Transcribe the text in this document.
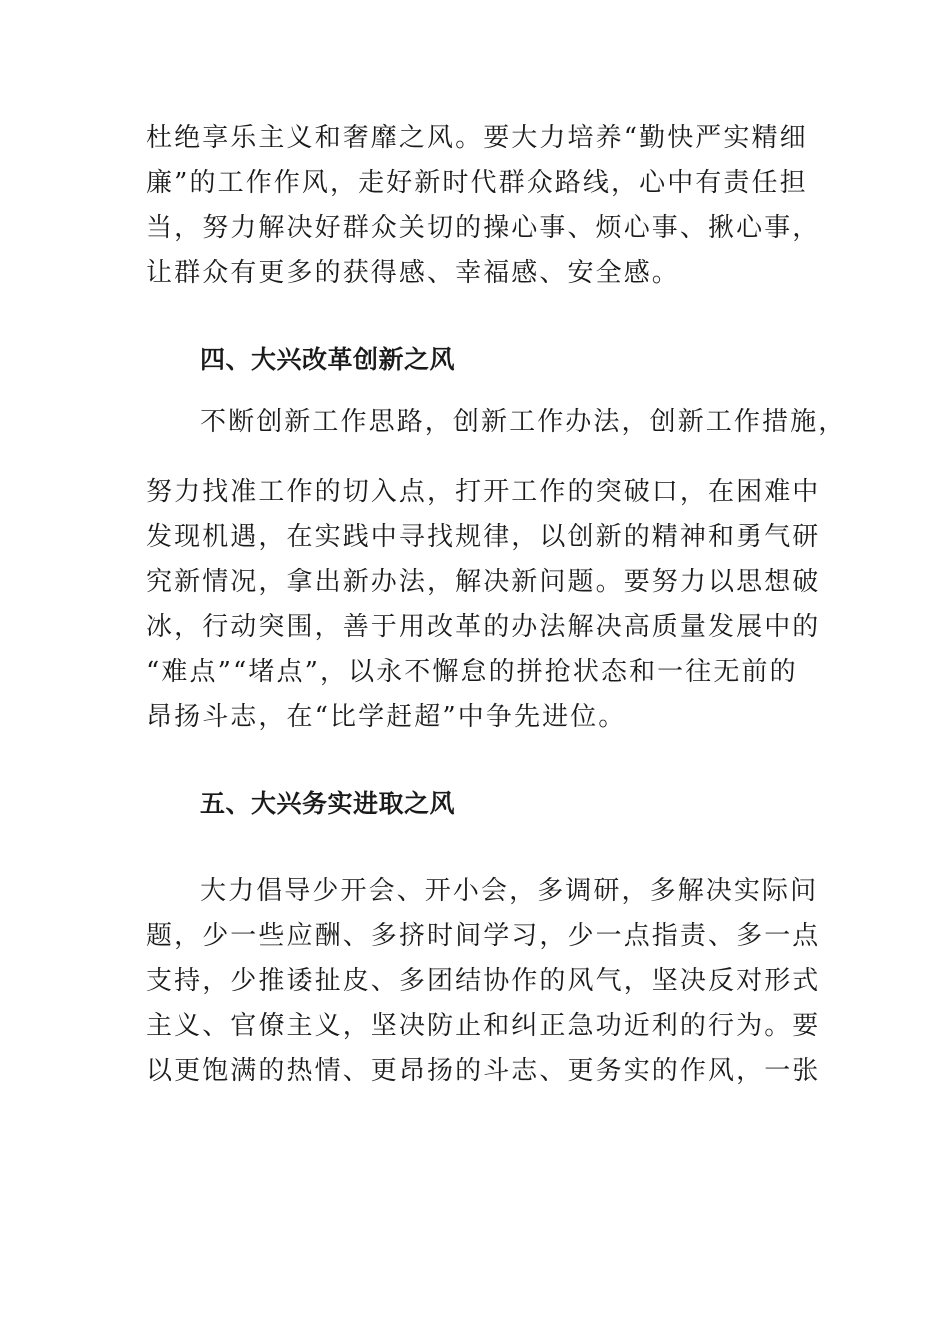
杜绝享乐主义和奢靡之风。要大力培养“勤快严实精细
廉”的工作作风，走好新时代群众路线，心中有责任担
当，努力解决好群众关切的操心事、烦心事、揪心事，
让群众有更多的获得感、幸福感、安全感。
四、大兴改革创新之风
不断创新工作思路，创新工作办法，创新工作措施，
努力找准工作的切入点，打开工作的突破口，在困难中
发现机遇，在实践中寻找规律，以创新的精神和勇气研
究新情况，拿出新办法，解决新问题。要努力以思想破
冰，行动突围，善于用改革的办法解决高质量发展中的
“难点”“堵点”，以永不懈怠的拼抢状态和一往无前的
昂扬斗志，在“比学赶超”中争先进位。
五、大兴务实进取之风
大力倡导少开会、开小会，多调研，多解决实际问
题，少一些应酬、多挤时间学习，少一点指责、多一点
支持，少推诿扯皮、多团结协作的风气，坚决反对形式
主义、官僚主义，坚决防止和纠正急功近利的行为。要
以更饱满的热情、更昂扬的斗志、更务实的作风，一张
